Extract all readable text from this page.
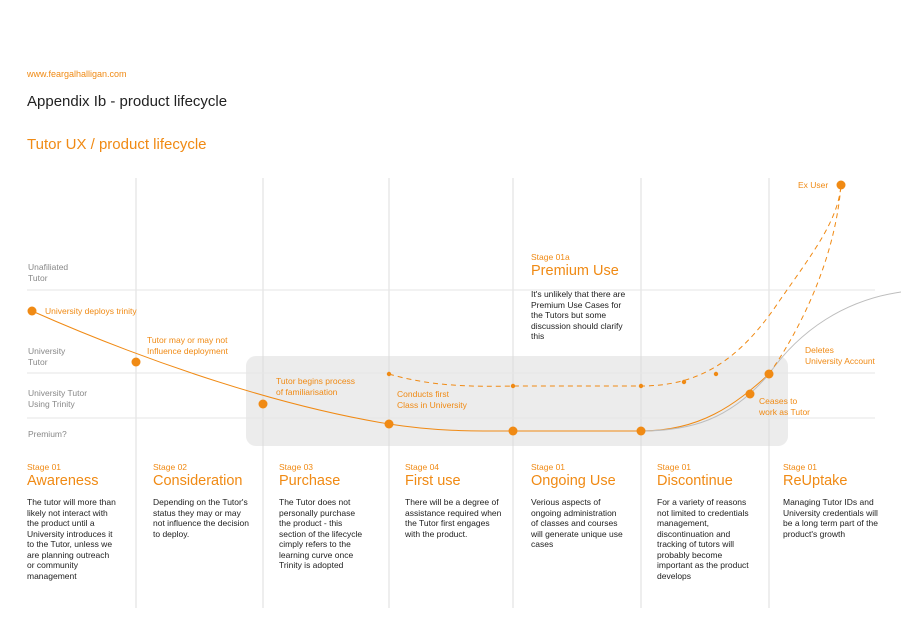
www.feargalhalligan.com
Appendix Ib - product lifecycle
Tutor UX / product lifecycle
Unafiliated
Tutor
University
Tutor
University Tutor
Using Trinity
Premium?
University deploys trinity
Tutor may or may not
Influence deployment
Tutor begins process
of familiarisation	Conducts first
Class in University	Ceases to
work as Tutor
Deletes
University Account
Ex User
Stage 01a
Premium Use
It's unlikely that there are Premium Use Cases for the Tutors but some discussion should clarify this
Stage 01
Awareness
The tutor will more than likely not interact with the product until a University introduces it to the Tutor, unless we are planning outreach or community management
Stage 02
Consideration
Depending on the Tutor's status they may or may not influence the decision to deploy.
Stage 03
Purchase
The Tutor does not personally purchase the product - this section of the lifecycle cimply refers to the learning curve once Trinity is adopted
Stage 04
First use
There will be a degree of assistance required when the Tutor first engages with the product.
Stage 01
Ongoing Use
Verious aspects of ongoing administration of classes and courses will generate unique use cases
Stage 01
Discontinue
For a variety of reasons not limited to credentials management, discontinuation and tracking of tutors will probably become important as the product develops
Stage 01
ReUptake
Managing Tutor IDs and University credentials will be a long term part of the product's growth
